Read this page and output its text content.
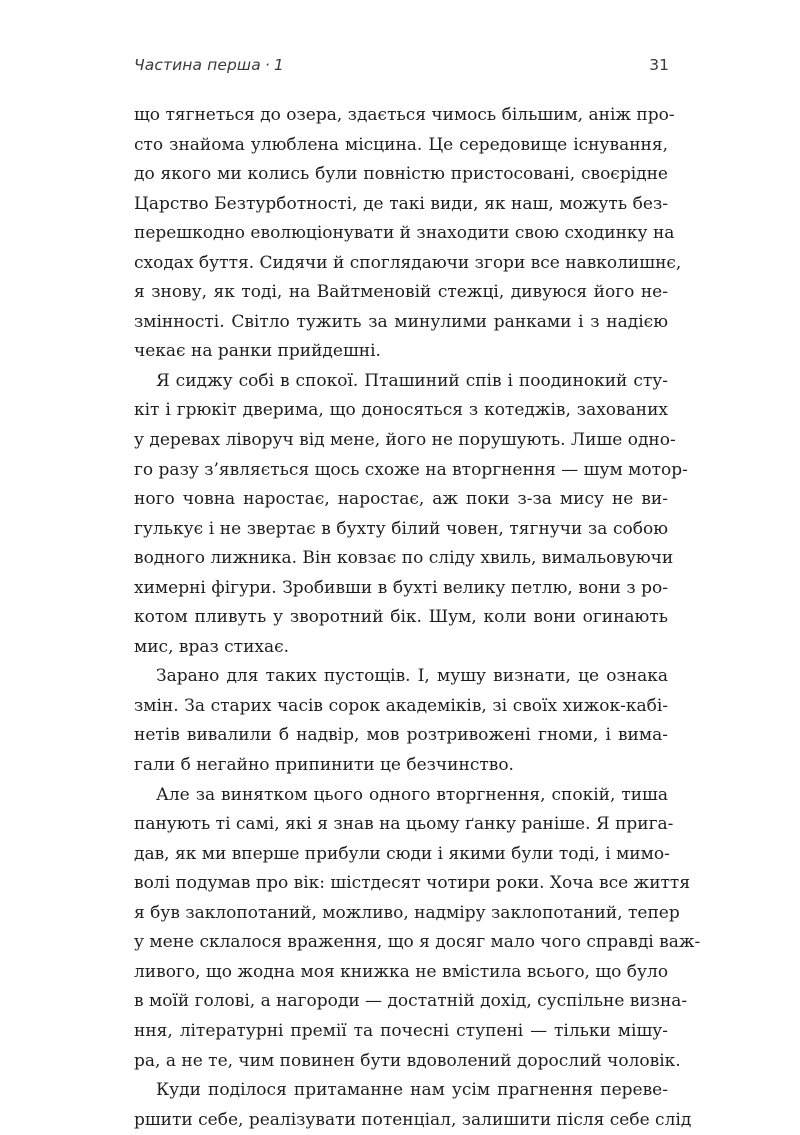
Частина перша · 1	31
що тягнеться до озера, здається чимось більшим, аніж про-
сто знайома улюблена місцина. Це середовище існування,
до якого ми колись були повністю пристосовані, своєрідне
Царство Безтурботності, де такі види, як наш, можуть без-
перешкодно еволюціонувати й знаходити свою сходинку на
сходах буття. Сидячи й споглядаючи згори все навколишнє,
я знову, як тоді, на Вайтменовій стежці, дивуюся його не-
змінності. Світло тужить за минулими ранками і з надією
чекає на ранки прийдешні.
Я сиджу собі в спокої. Пташиний спів і поодинокий сту-
кіт і грюкіт дверима, що доносяться з котеджів, захованих
у деревах ліворуч від мене, його не порушують. Лише одно-
го разу з’являється щось схоже на вторгнення — шум мотор-
ного човна наростає, наростає, аж поки з-за мису не ви-
гулькує і не звертає в бухту білий човен, тягнучи за собою
водного лижника. Він ковзає по сліду хвиль, вимальовуючи
химерні фігури. Зробивши в бухті велику петлю, вони з ро-
котом пливуть у зворотний бік. Шум, коли вони огинають
мис, враз стихає.
Зарано для таких пустощів. І, мушу визнати, це ознака
змін. За старих часів сорок академіків, зі своїх хижок-кабі-
нетів вивалили б надвір, мов розтривожені гноми, і вима-
гали б негайно припинити це безчинство.
Але за винятком цього одного вторгнення, спокій, тиша
панують ті самі, які я знав на цьому ґанку раніше. Я прига-
дав, як ми вперше прибули сюди і якими були тоді, і мимо-
волі подумав про вік: шістдесят чотири роки. Хоча все життя
я був заклопотаний, можливо, надміру заклопотаний, тепер
у мене склалося враження, що я досяг мало чого справді важ-
ливого, що жодна моя книжка не вмістила всього, що було
в моїй голові, а нагороди — достатній дохід, суспільне визна-
ння, літературні премії та почесні ступені — тільки мішу-
ра, а не те, чим повинен бути вдоволений дорослий чоловік.
Куди поділося притаманне нам усім прагнення переве-
ршити себе, реалізувати потенціал, залишити після себе слід
